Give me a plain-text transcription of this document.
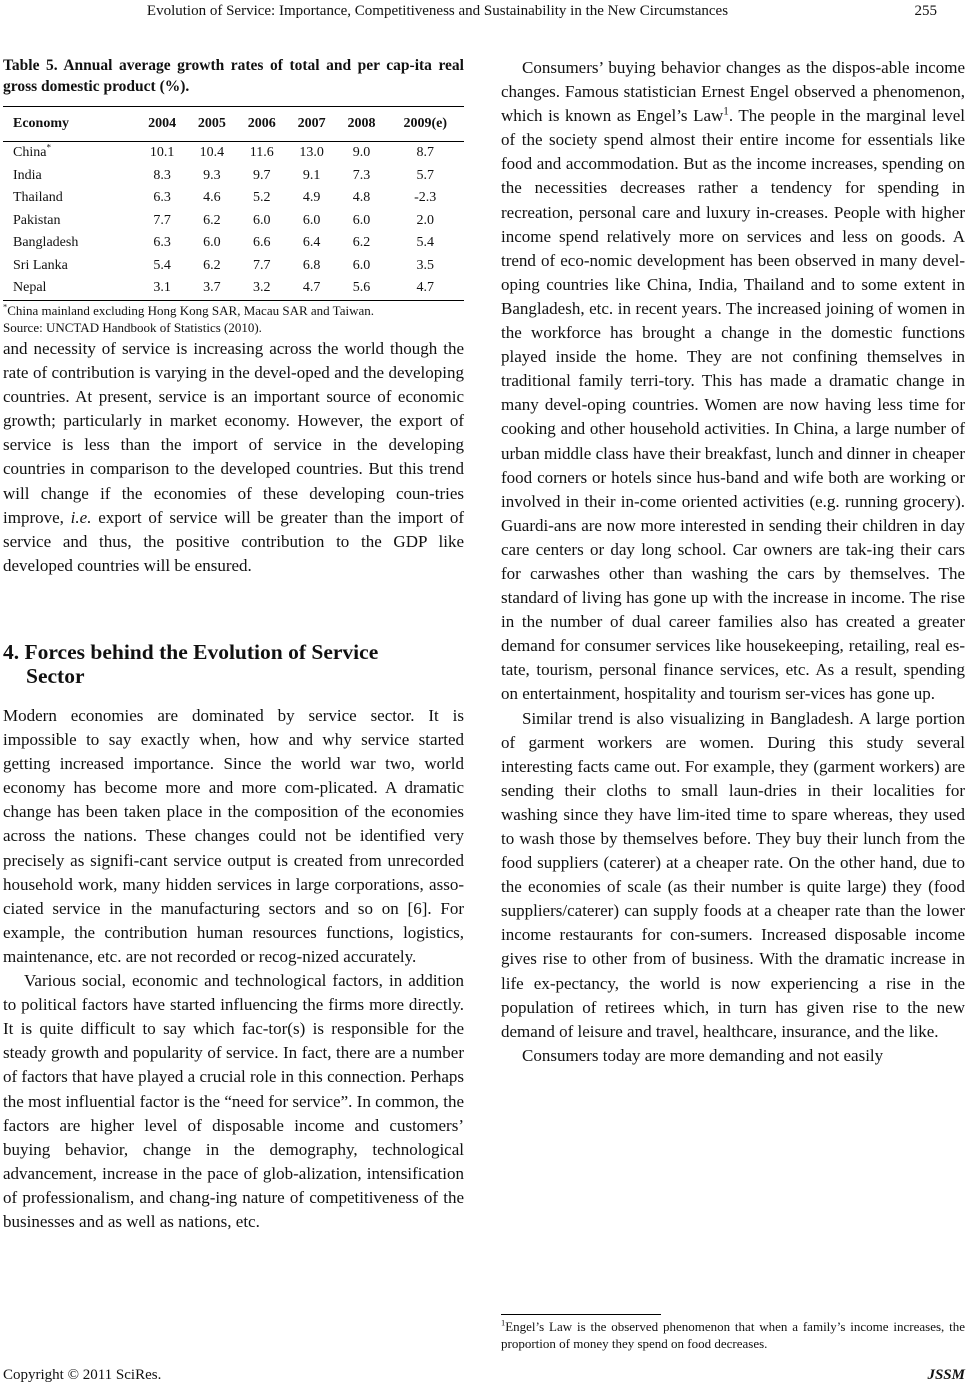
Evolution of Service: Importance, Competitiveness and Sustainability in the New Circumstances	255
Table 5. Annual average growth rates of total and per cap-ita real gross domestic product (%).
Economy	2004	2005	2006	2007	2008	2009(e)
China*	10.1	10.4	11.6	13.0	9.0	8.7
India	8.3	9.3	9.7	9.1	7.3	5.7
Thailand	6.3	4.6	5.2	4.9	4.8	-2.3
Pakistan	7.7	6.2	6.0	6.0	6.0	2.0
Bangladesh	6.3	6.0	6.6	6.4	6.2	5.4
Sri Lanka	5.4	6.2	7.7	6.8	6.0	3.5
Nepal	3.1	3.7	3.2	4.7	5.6	4.7
*China mainland excluding Hong Kong SAR, Macau SAR and Taiwan.
Source: UNCTAD Handbook of Statistics (2010).

and necessity of service is increasing across the world though the rate of contribution is varying in the devel-oped and the developing countries. At present, service is an important source of economic growth; particularly in market economy. However, the export of service is less than the import of service in the developing countries in comparison to the developed countries. But this trend will change if the economies of these developing coun-tries improve, i.e. export of service will be greater than the import of service and thus, the positive contribution to the GDP like developed countries will be ensured.

4. Forces behind the Evolution of Service
Sector

Modern economies are dominated by service sector. It is impossible to say exactly when, how and why service started getting increased importance. Since the world war two, world economy has become more and more com-plicated. A dramatic change has been taken place in the composition of the economies across the nations. These changes could not be identified very precisely as signifi-cant service output is created from unrecorded household work, many hidden services in large corporations, asso-ciated service in the manufacturing sectors and so on [6]. For example, the contribution human resources functions, logistics, maintenance, etc. are not recorded or recog-nized accurately.

Various social, economic and technological factors, in addition to political factors have started influencing the firms more directly. It is quite difficult to say which fac-tor(s) is responsible for the steady growth and popularity of service. In fact, there are a number of factors that have played a crucial role in this connection. Perhaps the most influential factor is the “need for service”. In common, the factors are higher level of disposable income and customers’ buying behavior, change in the demography, technological advancement, increase in the pace of glob-alization, intensification of professionalism, and chang-ing nature of competitiveness of the businesses and as well as nations, etc.

Consumers’ buying behavior changes as the dispos-able income changes. Famous statistician Ernest Engel observed a phenomenon, which is known as Engel’s Law$^1$. The people in the marginal level of the society spend almost their entire income for essentials like food and accommodation. But as the income increases, spending on the necessities decreases rather a tendency for spending in recreation, personal care and luxury in-creases. People with higher income spend relatively more on services and less on goods. A trend of eco-nomic development has been observed in many devel-oping countries like China, India, Thailand and to some extent in Bangladesh, etc. in recent years. The increased joining of women in the workforce has brought a change in the domestic functions played inside the home. They are not confining themselves in traditional family terri-tory. This has made a dramatic change in many devel-oping countries. Women are now having less time for cooking and other household activities. In China, a large number of urban middle class have their breakfast, lunch and dinner in cheaper food corners or hotels since hus-band and wife both are working or involved in their in-come oriented activities (e.g. running grocery). Guardi-ans are now more interested in sending their children in day care centers or day long school. Car owners are tak-ing their cars for carwashes other than washing the cars by themselves. The standard of living has gone up with the increase in income. The rise in the number of dual career families also has created a greater demand for consumer services like housekeeping, retailing, real es-tate, tourism, personal finance services, etc. As a result, spending on entertainment, hospitality and tourism ser-vices has gone up.

Similar trend is also visualizing in Bangladesh. A large portion of garment workers are women. During this study several interesting facts came out. For example, they (garment workers) are sending their cloths to small laun-dries in their localities for washing since they have lim-ited time to spare whereas, they used to wash those by themselves before. They buy their lunch from the food suppliers (caterer) at a cheaper rate. On the other hand, due to the economies of scale (as their number is quite large) they (food suppliers/caterer) can supply foods at a cheaper rate than the lower income restaurants for con-sumers. Increased disposable income gives rise to other from of business. With the dramatic increase in life ex-pectancy, the world is now experiencing a rise in the population of retirees which, in turn has given rise to the new demand of leisure and travel, healthcare, insurance, and the like.

Consumers today are more demanding and not easily

$^1$Engel’s Law is the observed phenomenon that when a family’s income increases, the proportion of money they spend on food decreases.
Copyright © 2011 SciRes.	JSSM
